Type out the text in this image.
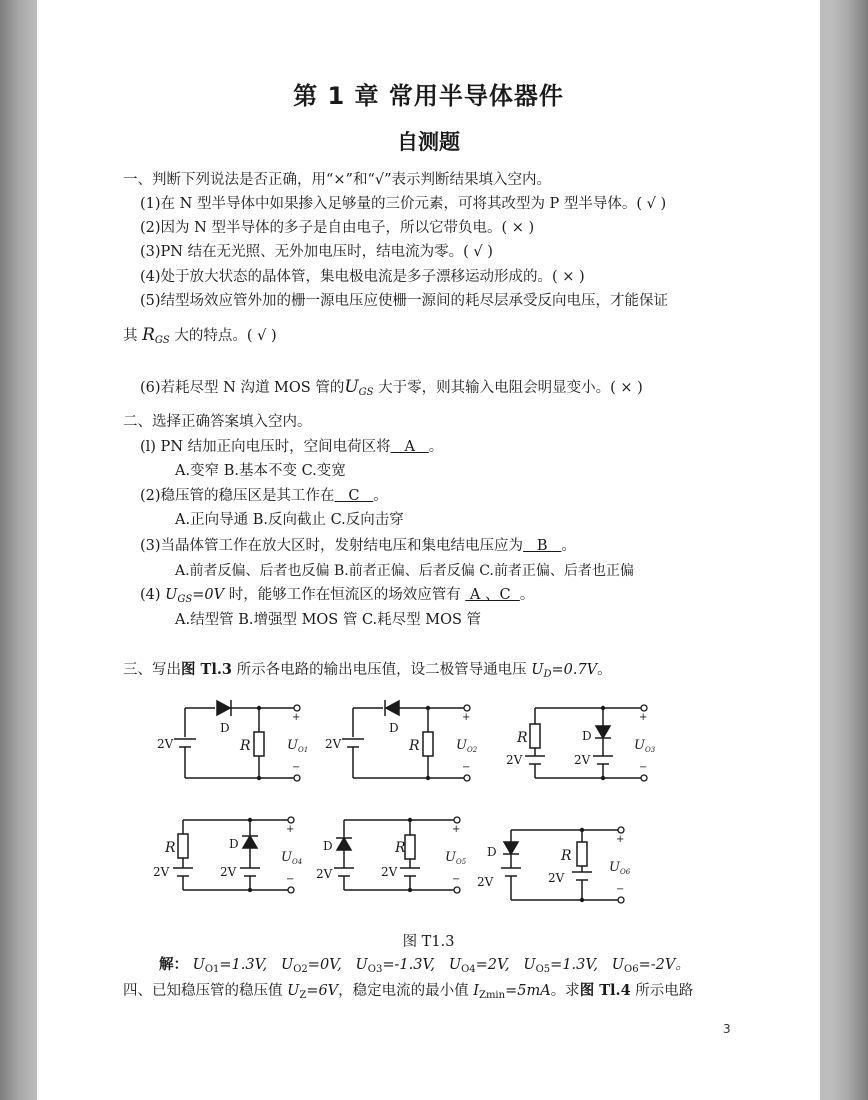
第 1 章 常用半导体器件
自测题
一、判断下列说法是否正确，用“×”和“√”表示判断结果填入空内。
(1)在 N 型半导体中如果掺入足够量的三价元素，可将其改型为 P 型半导体。( √ )
(2)因为 N 型半导体的多子是自由电子，所以它带负电。( × )
(3)PN 结在无光照、无外加电压时，结电流为零。( √ )
(4)处于放大状态的晶体管，集电极电流是多子漂移运动形成的。( × )
(5)结型场效应管外加的栅一源电压应使栅一源间的耗尽层承受反向电压，才能保证
其 $R_{GS}$ 大的特点。( √ )
(6)若耗尽型 N 沟道 MOS 管的$U_{GS}$ 大于零，则其输入电阻会明显变小。( × )
二、选择正确答案填入空内。
(l) PN 结加正向电压时，空间电荷区将   A   。
A.变窄 B.基本不变 C.变宽
(2)稳压管的稳压区是其工作在   C   。
A.正向导通 B.反向截止 C.反向击穿
(3)当晶体管工作在放大区时，发射结电压和集电结电压应为   B   。
A.前者反偏、后者也反偏 B.前者正偏、后者反偏 C.前者正偏、后者也正偏
(4) $U_{GS}=0V$ 时，能够工作在恒流区的场效应管有  A 、C  。
A.结型管 B.增强型 MOS 管 C.耗尽型 MOS 管
三、写出图 Tl.3 所示各电路的输出电压值，设二极管导通电压 $U_D=0.7V$。
D
2V	R
+
−
$U_{O1}$
D
2V	R
+
−
$U_{O2}$
R	D
2V	2V
+
−
$U_{O3}$
R	D
2V	2V
+
−
$U_{O4}$
D	R
2V	2V
+
−
$U_{O5}$
D	R
2V	2V
+
−
$U_{O6}$
图 T1.3
解： $U_{O1}=1.3V$, $U_{O2}=0V$, $U_{O3}=-1.3V$, $U_{O4}=2V$, $U_{O5}=1.3V$, $U_{O6}=-2V$。
四、已知稳压管的稳压值 $U_Z=6V$，稳定电流的最小值 $I_{Zmin}=5mA$。求图 Tl.4 所示电路
3
